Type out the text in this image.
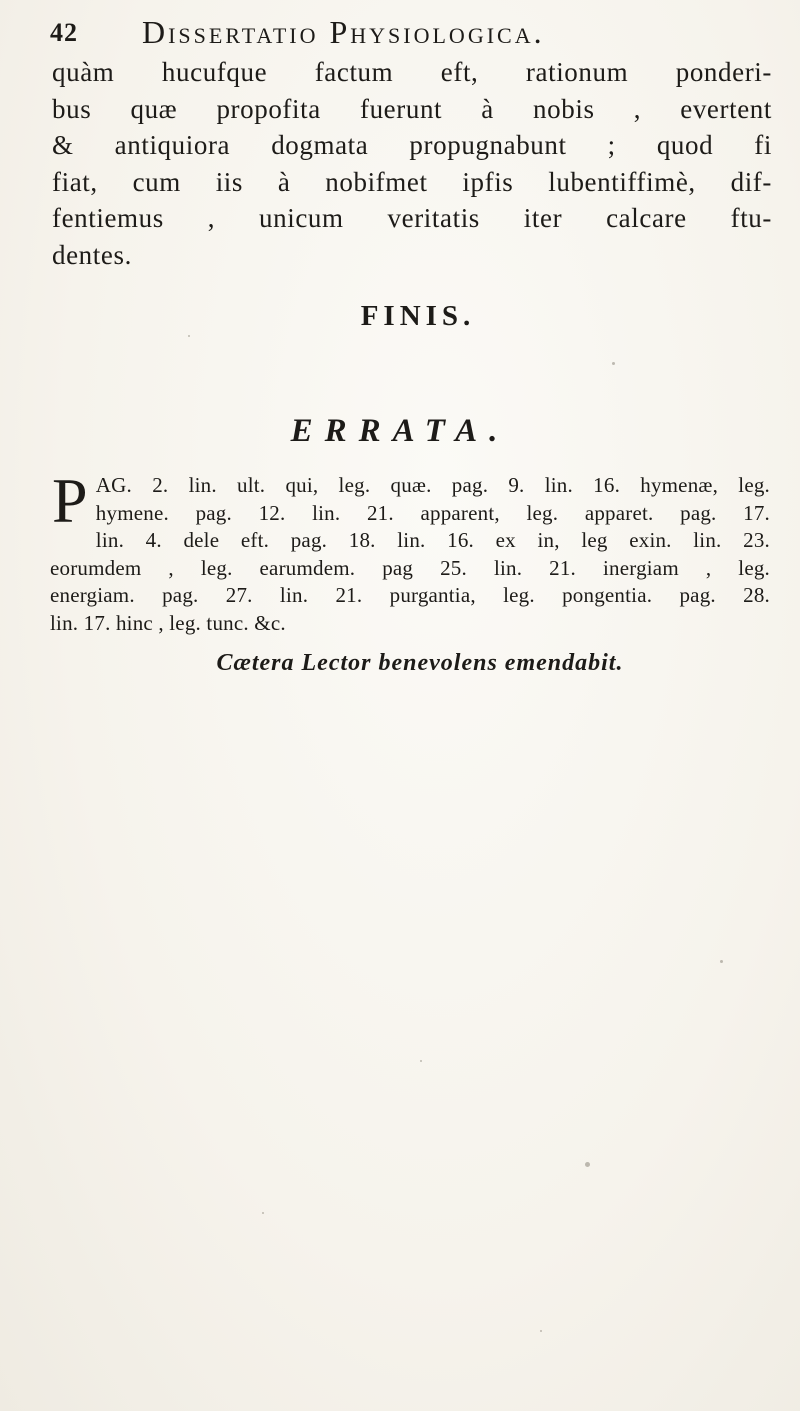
42 Dissertatio Physiologica.
quàm hucufque factum eft, rationum ponderi-
bus quæ propofita fuerunt à nobis , evertent
& antiquiora dogmata propugnabunt ; quod fi
fiat, cum iis à nobifmet ipfis lubentiffimè, dif-
fentiemus , unicum veritatis iter calcare ftu-
dentes.
FINIS.
ERRATA.
P AG. 2. lin. ult. qui, leg. quæ. pag. 9. lin. 16. hymenæ, leg.
hymene. pag. 12. lin. 21. apparent, leg. apparet. pag. 17.
lin. 4. dele eft. pag. 18. lin. 16. ex in, leg exin. lin. 23.
eorumdem , leg. earumdem. pag 25. lin. 21. inergiam , leg.
energiam. pag. 27. lin. 21. purgantia, leg. pongentia. pag. 28.
lin. 17. hinc , leg. tunc. &c.
Cætera Lector benevolens emendabit.
